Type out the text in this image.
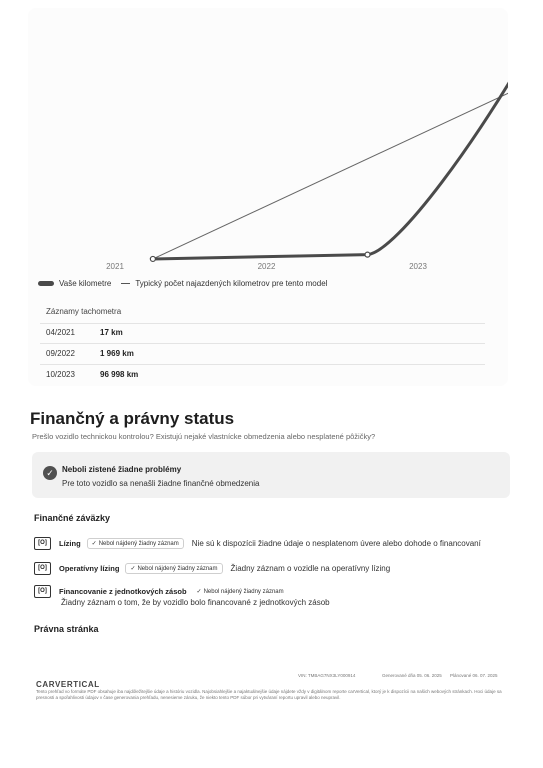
2021	2022	2023
Vaše kilometre	Typický počet najazdených kilometrov pre tento model
Záznamy tachometra
04/2021	17 km
09/2022	1 969 km
10/2023	96 998 km
Finančný a právny status
Prešlo vozidlo technickou kontrolou? Existujú nejaké vlastnícke obmedzenia alebo nesplatené pôžičky?
✓	Neboli zistené žiadne problémy
Pre toto vozidlo sa nenašli žiadne finančné obmedzenia
Finančné záväzky
[O]	Lízing	✓ Nebol nájdený žiadny záznam	Nie sú k dispozícii žiadne údaje o nesplatenom úvere alebo dohode o financovaní
[O]	Operatívny lízing	✓ Nebol nájdený žiadny záznam	Žiadny záznam o vozidle na operatívny lízing
[O]	Financovanie z jednotkových zásob	✓ Nebol nájdený žiadny záznam
Žiadny záznam o tom, že by vozidlo bolo financované z jednotkových zásob
Právna stránka
CARVERTICAL
VIN: TMBAG7NX3LY000914	Generované dňa 05. 06. 2025 Plánované 06. 07. 2025
Tento prehľad vo formáte PDF obsahuje iba najdôležitejšie údaje a históriu vozidla. Najobsiahlejšie a najaktuálnejšie údaje nájdete vždy v digitálnom reporte carVertical, ktorý je k dispozícii na našich webových stránkach. Hoci údaje sa presnosti a spoľahlivosti údajov v čase generovania prehľadu, nenesieme záruku, že niekto tento PDF súbor pri vytváraní reportu upravil alebo neupravil.
